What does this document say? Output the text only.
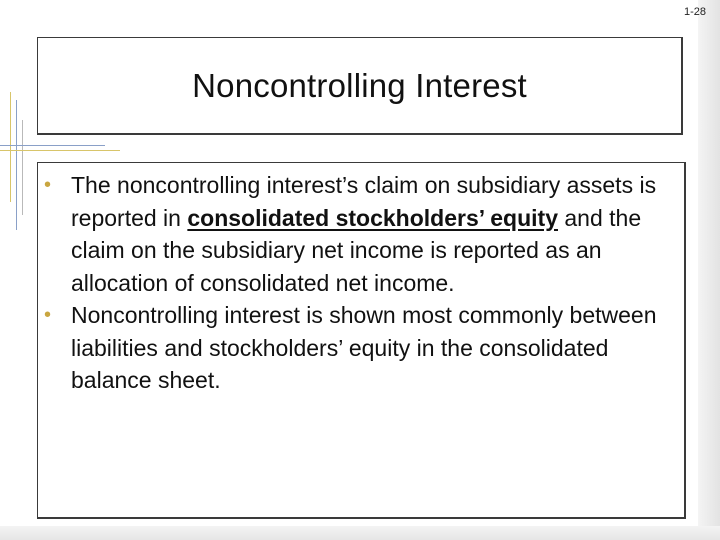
1-28
Noncontrolling Interest
• The noncontrolling interest’s claim on subsidiary assets is reported in consolidated stockholders’ equity and the claim on the subsidiary net income is reported as an allocation of consolidated net income.
• Noncontrolling interest is shown most commonly between liabilities and stockholders’ equity in the consolidated balance sheet.
